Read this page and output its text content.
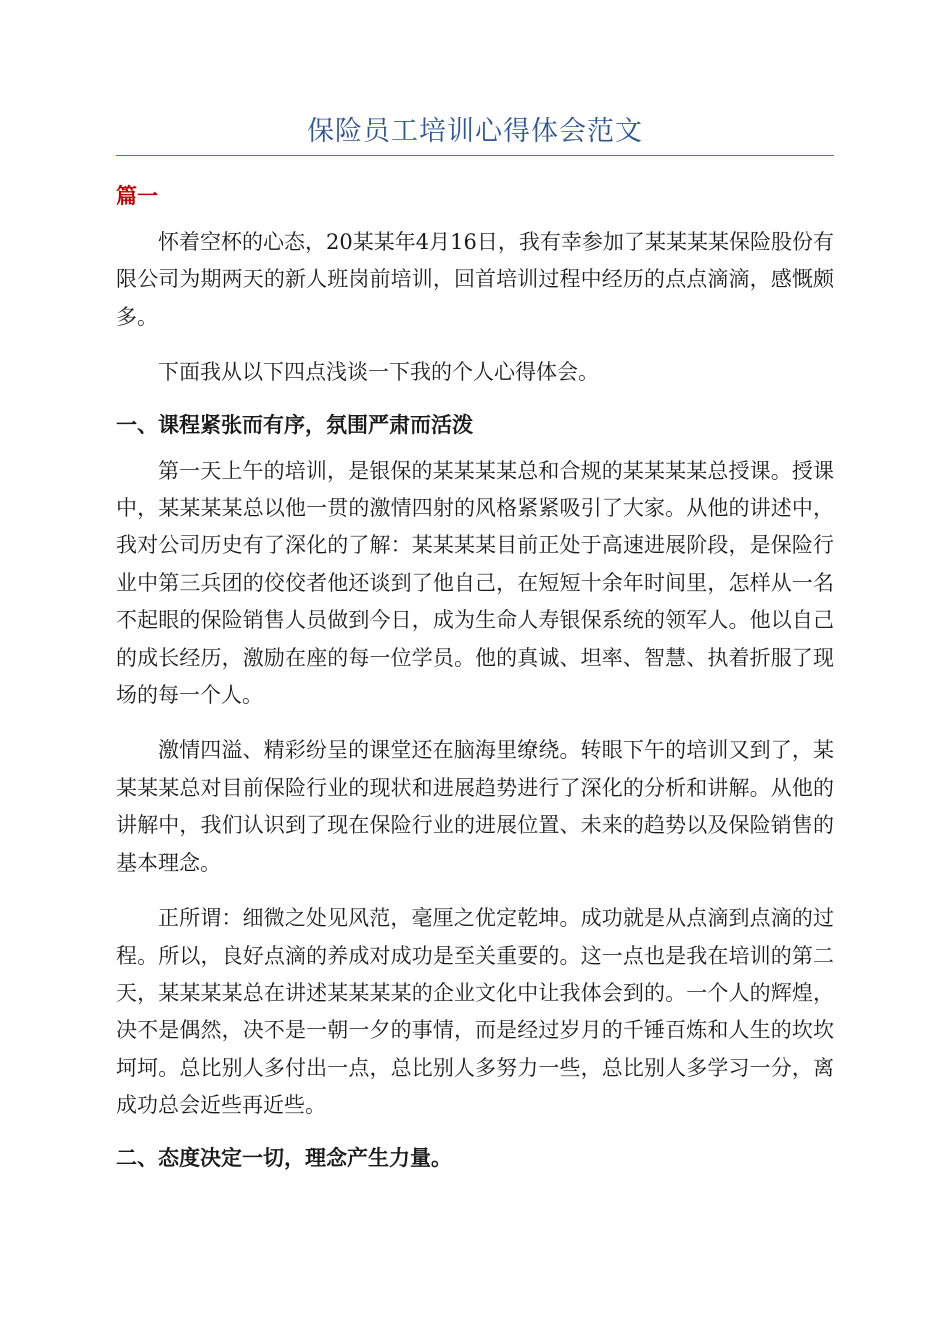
保险员工培训心得体会范文
篇一

怀着空杯的心态，20某某年4月16日，我有幸参加了某某某某保险股份有限公司为期两天的新人班岗前培训，回首培训过程中经历的点点滴滴，感慨颇多。

下面我从以下四点浅谈一下我的个人心得体会。

一、课程紧张而有序，氛围严肃而活泼

第一天上午的培训，是银保的某某某某总和合规的某某某某总授课。授课中，某某某某总以他一贯的激情四射的风格紧紧吸引了大家。从他的讲述中，我对公司历史有了深化的了解：某某某某目前正处于高速进展阶段，是保险行业中第三兵团的佼佼者他还谈到了他自己，在短短十余年时间里，怎样从一名不起眼的保险销售人员做到今日，成为生命人寿银保系统的领军人。他以自己的成长经历，激励在座的每一位学员。他的真诚、坦率、智慧、执着折服了现场的每一个人。

激情四溢、精彩纷呈的课堂还在脑海里缭绕。转眼下午的培训又到了，某某某某总对目前保险行业的现状和进展趋势进行了深化的分析和讲解。从他的讲解中，我们认识到了现在保险行业的进展位置、未来的趋势以及保险销售的基本理念。

正所谓：细微之处见风范，毫厘之优定乾坤。成功就是从点滴到点滴的过程。所以，良好点滴的养成对成功是至关重要的。这一点也是我在培训的第二天，某某某某总在讲述某某某某的企业文化中让我体会到的。一个人的辉煌，决不是偶然，决不是一朝一夕的事情，而是经过岁月的千锤百炼和人生的坎坎坷坷。总比别人多付出一点，总比别人多努力一些，总比别人多学习一分，离成功总会近些再近些。

二、态度决定一切，理念产生力量。
